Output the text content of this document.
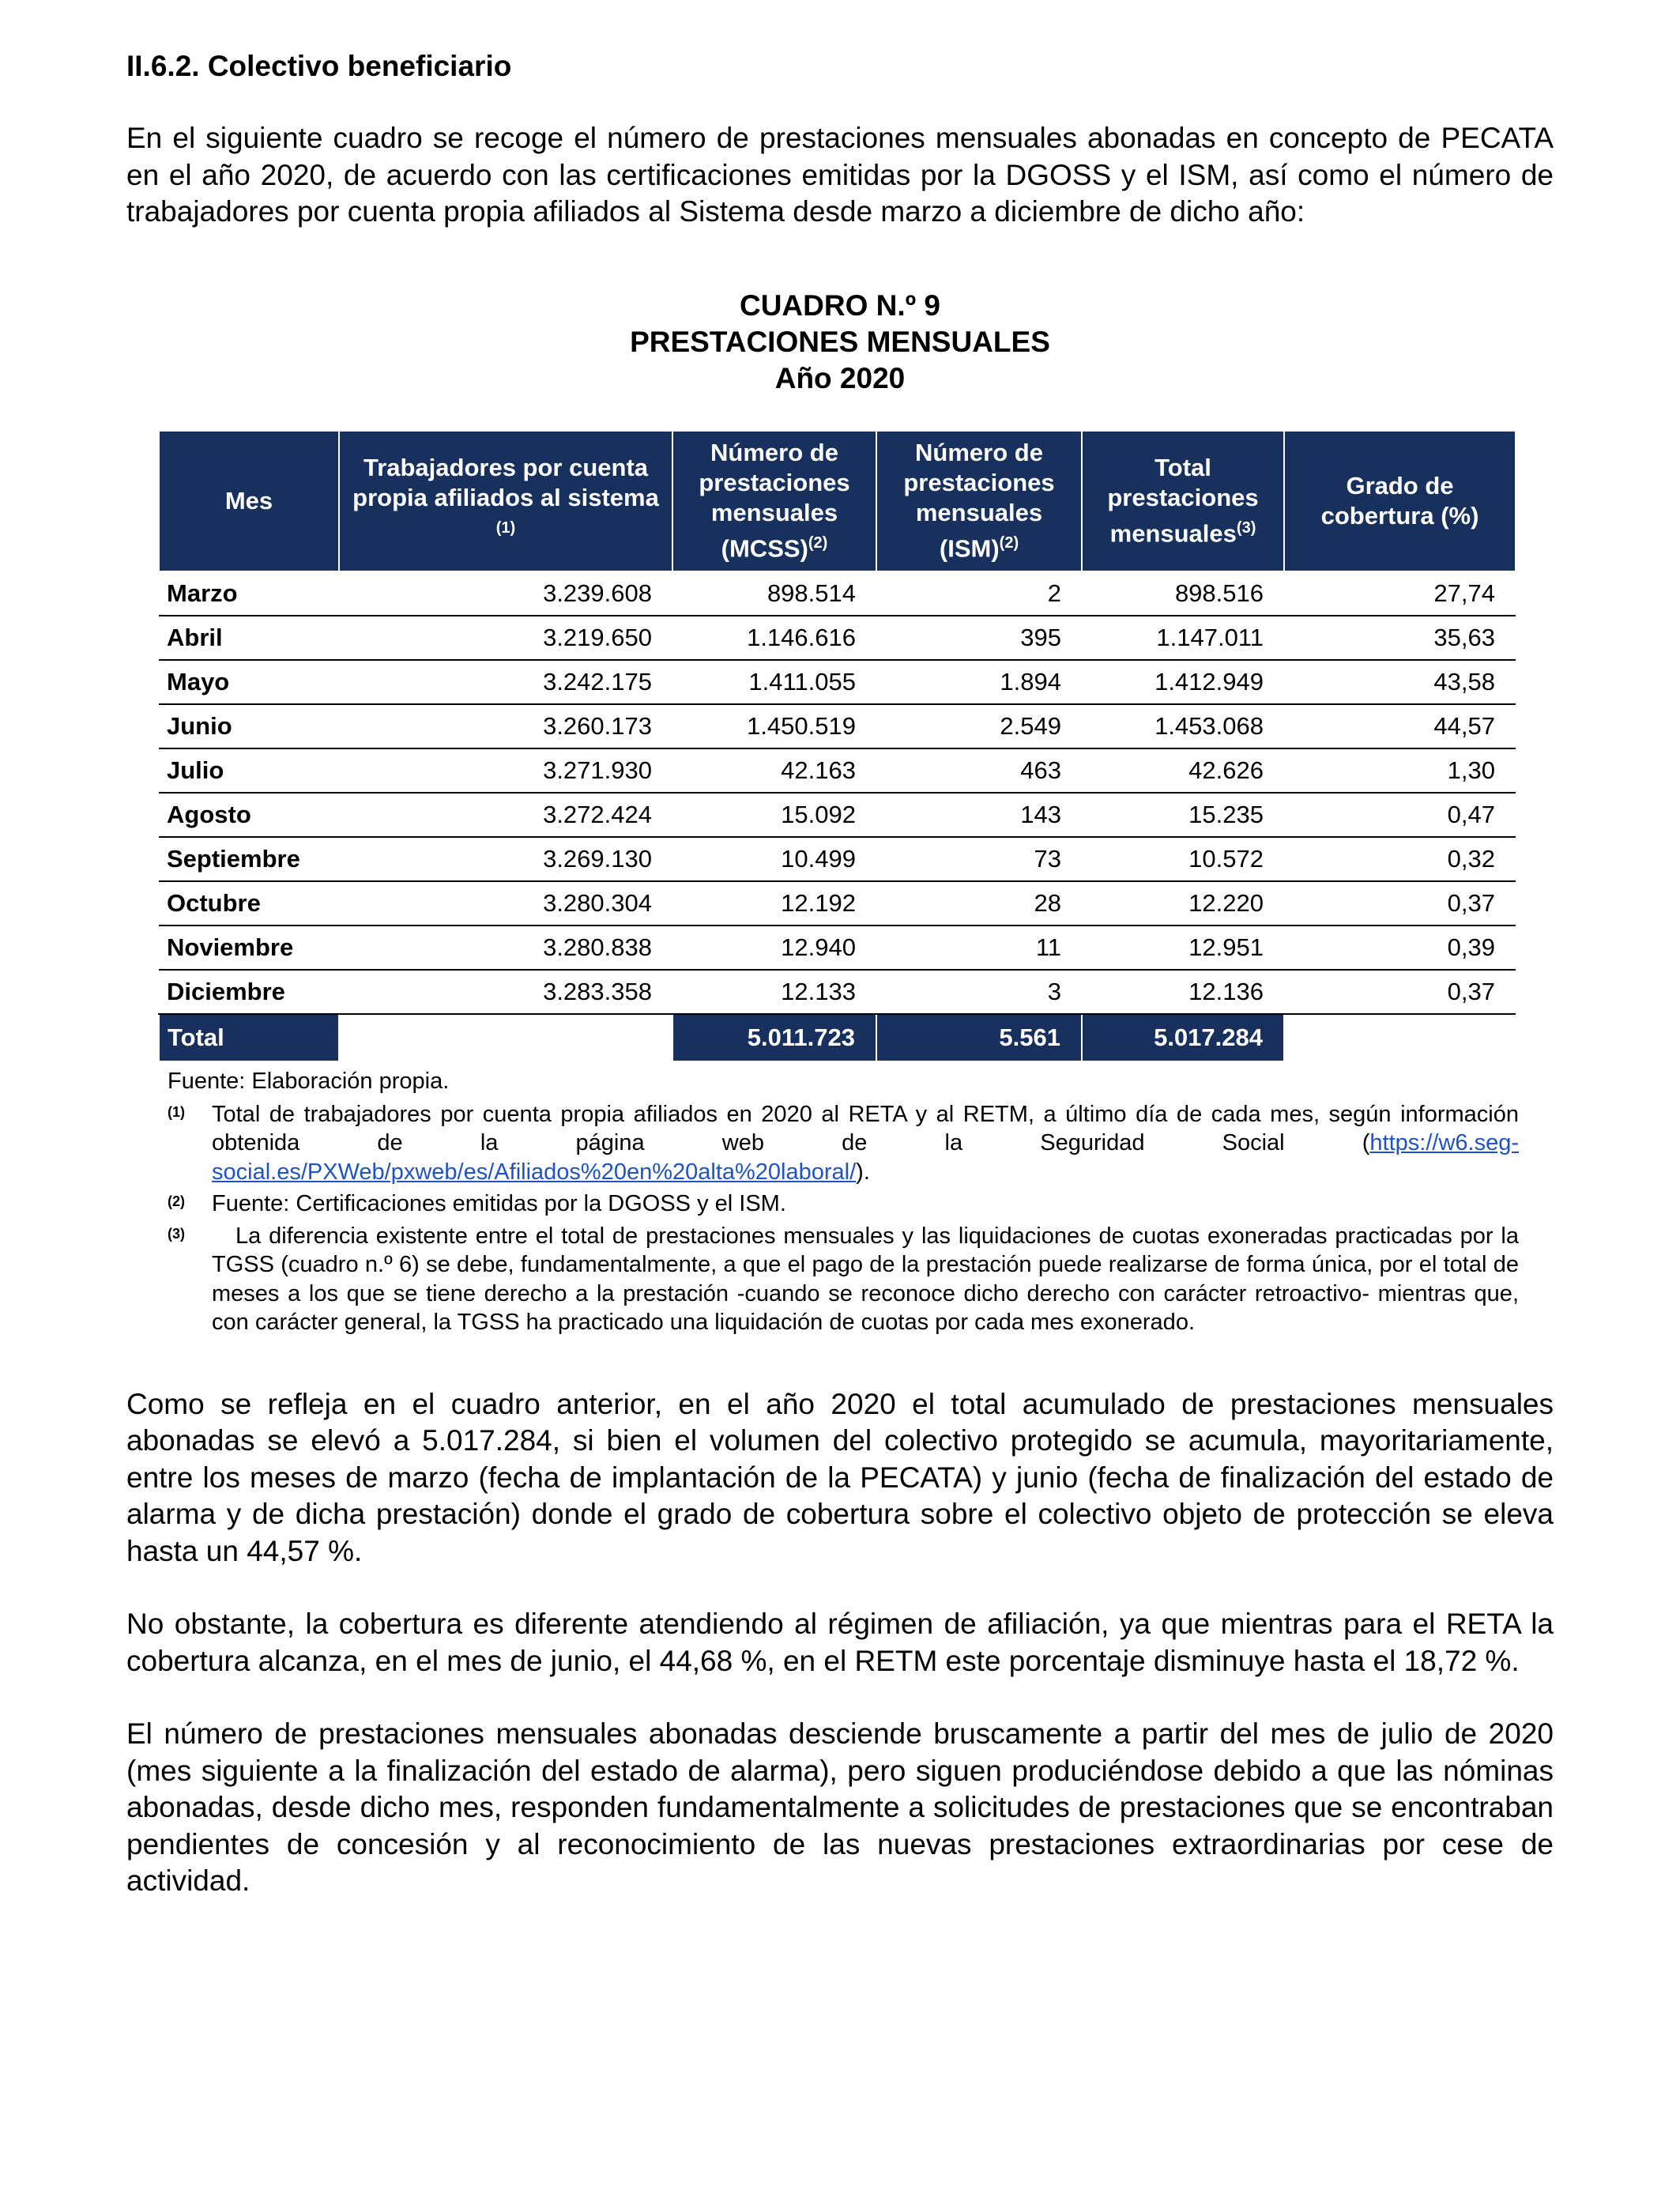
II.6.2. Colectivo beneficiario

En el siguiente cuadro se recoge el número de prestaciones mensuales abonadas en concepto de PECATA en el año 2020, de acuerdo con las certificaciones emitidas por la DGOSS y el ISM, así como el número de trabajadores por cuenta propia afiliados al Sistema desde marzo a diciembre de dicho año:

CUADRO N.º 9
PRESTACIONES MENSUALES
Año 2020
Mes	Trabajadores por cuenta propia afiliados al sistema $^{(1)}$	Número de prestaciones mensuales (MCSS)$^{(2)}$	Número de prestaciones mensuales (ISM)$^{(2)}$	Total prestaciones mensuales$^{(3)}$	Grado de cobertura (%)
Marzo	3.239.608	898.514	2	898.516	27,74
Abril	3.219.650	1.146.616	395	1.147.011	35,63
Mayo	3.242.175	1.411.055	1.894	1.412.949	43,58
Junio	3.260.173	1.450.519	2.549	1.453.068	44,57
Julio	3.271.930	42.163	463	42.626	1,30
Agosto	3.272.424	15.092	143	15.235	0,47
Septiembre	3.269.130	10.499	73	10.572	0,32
Octubre	3.280.304	12.192	28	12.220	0,37
Noviembre	3.280.838	12.940	11	12.951	0,39
Diciembre	3.283.358	12.133	3	12.136	0,37
Total		5.011.723	5.561	5.017.284	
Fuente: Elaboración propia.
(1)	Total de trabajadores por cuenta propia afiliados en 2020 al RETA y al RETM, a último día de cada mes, según información obtenida de la página web de la Seguridad Social (https://w6.seg-social.es/PXWeb/pxweb/es/Afiliados%20en%20alta%20laboral/).
(2)	Fuente: Certificaciones emitidas por la DGOSS y el ISM.
(3)	La diferencia existente entre el total de prestaciones mensuales y las liquidaciones de cuotas exoneradas practicadas por la TGSS (cuadro n.º 6) se debe, fundamentalmente, a que el pago de la prestación puede realizarse de forma única, por el total de meses a los que se tiene derecho a la prestación -cuando se reconoce dicho derecho con carácter retroactivo- mientras que, con carácter general, la TGSS ha practicado una liquidación de cuotas por cada mes exonerado.

Como se refleja en el cuadro anterior, en el año 2020 el total acumulado de prestaciones mensuales abonadas se elevó a 5.017.284, si bien el volumen del colectivo protegido se acumula, mayoritariamente, entre los meses de marzo (fecha de implantación de la PECATA) y junio (fecha de finalización del estado de alarma y de dicha prestación) donde el grado de cobertura sobre el colectivo objeto de protección se eleva hasta un 44,57 %.

No obstante, la cobertura es diferente atendiendo al régimen de afiliación, ya que mientras para el RETA la cobertura alcanza, en el mes de junio, el 44,68 %, en el RETM este porcentaje disminuye hasta el 18,72 %.

El número de prestaciones mensuales abonadas desciende bruscamente a partir del mes de julio de 2020 (mes siguiente a la finalización del estado de alarma), pero siguen produciéndose debido a que las nóminas abonadas, desde dicho mes, responden fundamentalmente a solicitudes de prestaciones que se encontraban pendientes de concesión y al reconocimiento de las nuevas prestaciones extraordinarias por cese de actividad.
